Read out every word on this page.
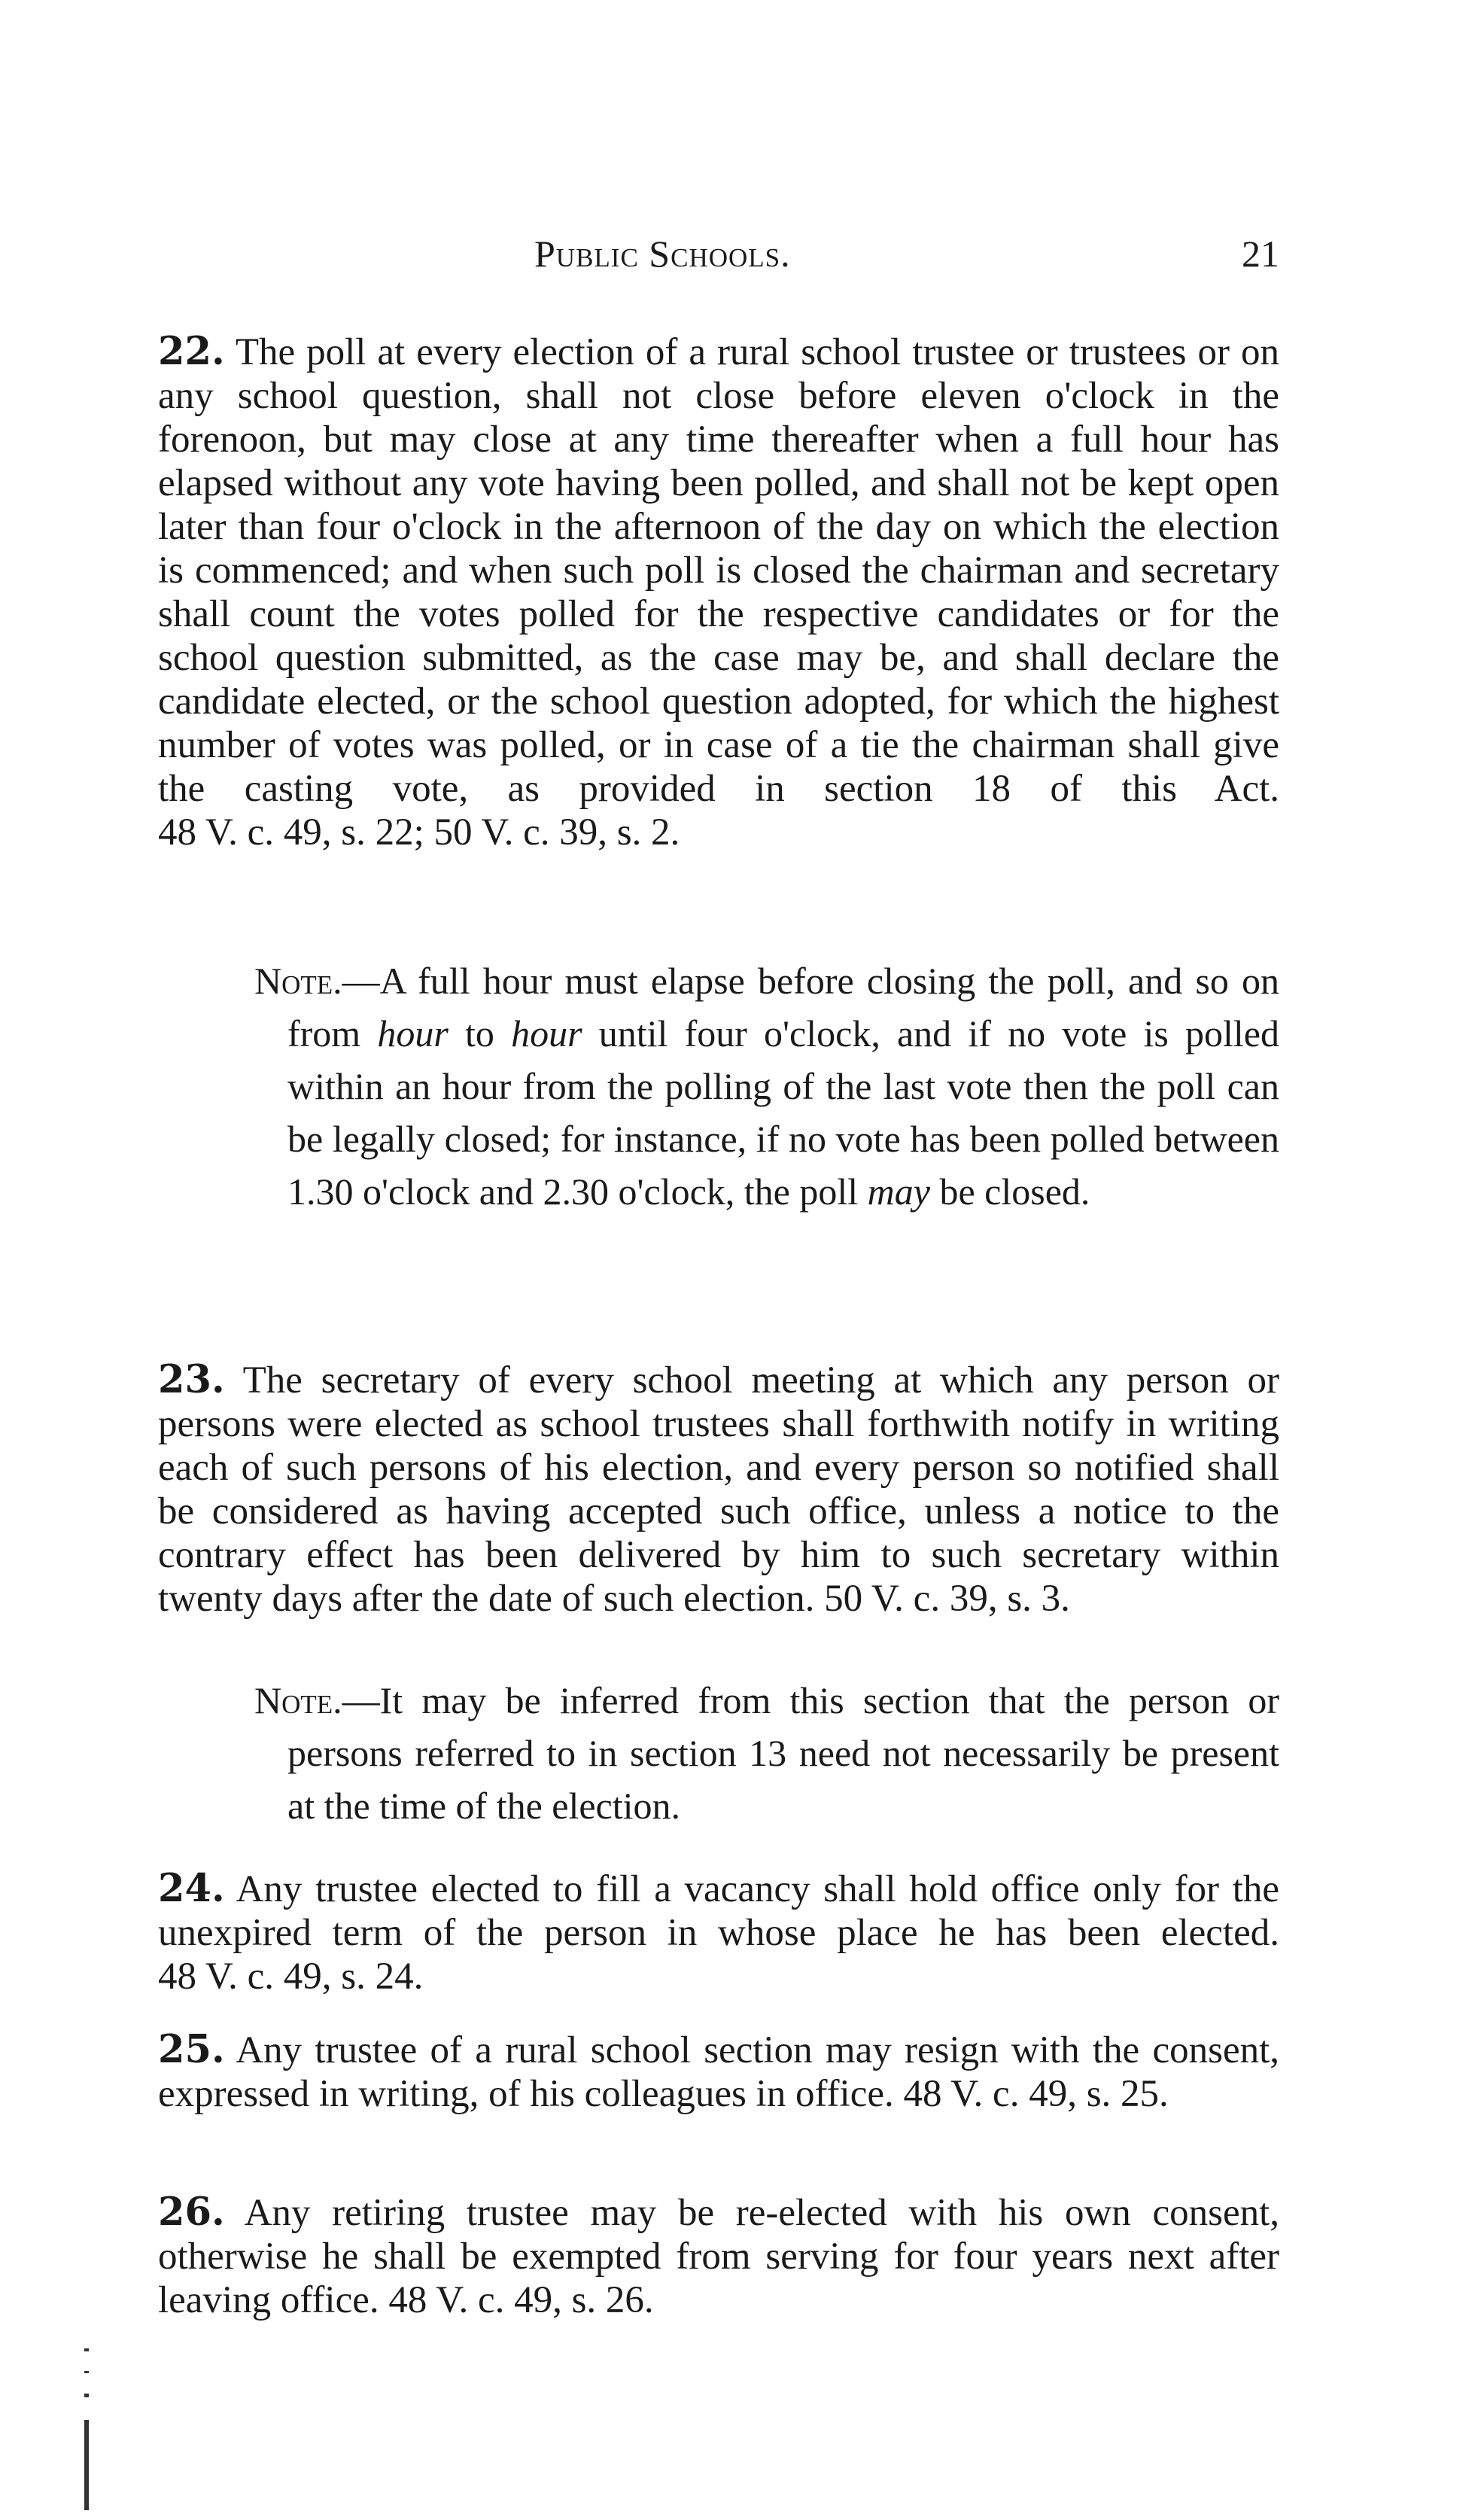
Public Schools.	21

22. The poll at every election of a rural school trustee or trustees or on any school question, shall not close before eleven o'clock in the forenoon, but may close at any time thereafter when a full hour has elapsed without any vote having been polled, and shall not be kept open later than four o'clock in the afternoon of the day on which the election is commenced; and when such poll is closed the chairman and secretary shall count the votes polled for the respective candidates or for the school question submitted, as the case may be, and shall declare the candidate elected, or the school question adopted, for which the highest number of votes was polled, or in case of a tie the chairman shall give the casting vote, as provided in section 18 of this Act. 48 V. c. 49, s. 22; 50 V. c. 39, s. 2.

Note.—A full hour must elapse before closing the poll, and so on from hour to hour until four o'clock, and if no vote is polled within an hour from the polling of the last vote then the poll can be legally closed; for instance, if no vote has been polled between 1.30 o'clock and 2.30 o'clock, the poll may be closed.

23. The secretary of every school meeting at which any person or persons were elected as school trustees shall forthwith notify in writing each of such persons of his election, and every person so notified shall be considered as having accepted such office, unless a notice to the contrary effect has been delivered by him to such secretary within twenty days after the date of such election. 50 V. c. 39, s. 3.

Note.—It may be inferred from this section that the person or persons referred to in section 13 need not necessarily be present at the time of the election.

24. Any trustee elected to fill a vacancy shall hold office only for the unexpired term of the person in whose place he has been elected. 48 V. c. 49, s. 24.

25. Any trustee of a rural school section may resign with the consent, expressed in writing, of his colleagues in office. 48 V. c. 49, s. 25.

26. Any retiring trustee may be re-elected with his own consent, otherwise he shall be exempted from serving for four years next after leaving office. 48 V. c. 49, s. 26.
